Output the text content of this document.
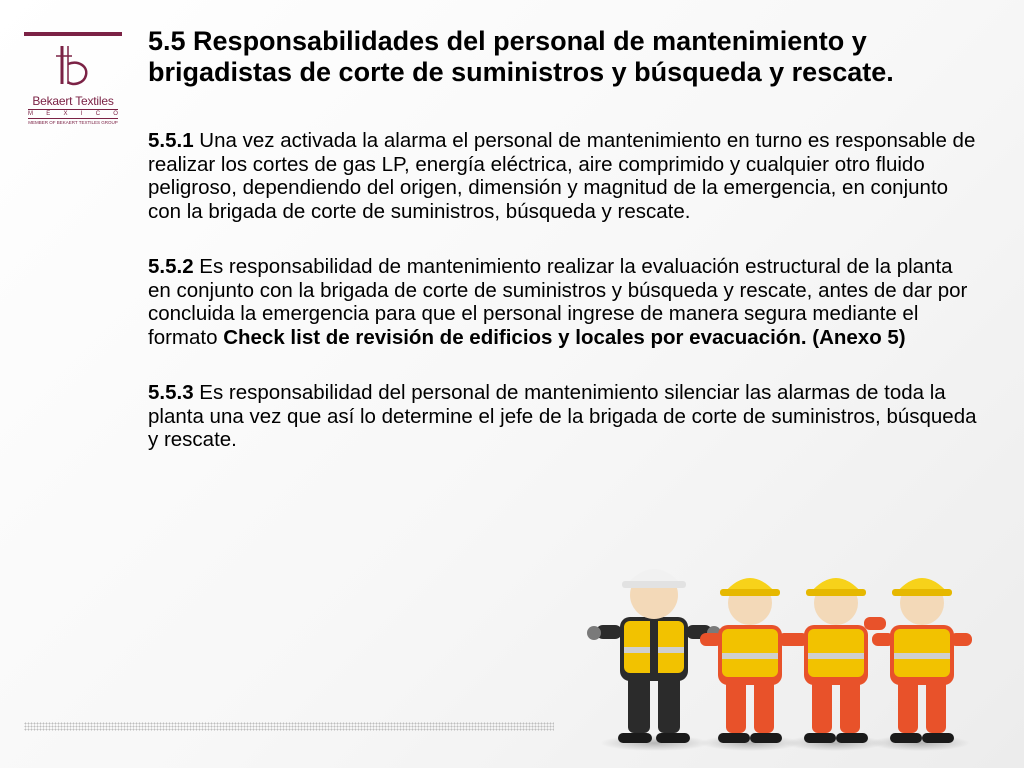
Bekaert Textiles
M E X I C O
MEMBER OF BEKAERT TEXTILES GROUP
5.5 Responsabilidades del personal de mantenimiento y brigadistas de corte de suministros y búsqueda y rescate.

5.5.1 Una vez activada la alarma el personal de mantenimiento en turno es responsable de realizar los cortes de gas LP, energía eléctrica, aire comprimido y cualquier otro fluido peligroso, dependiendo del origen, dimensión y magnitud de la emergencia, en conjunto con la brigada de corte de suministros, búsqueda y rescate.

5.5.2 Es responsabilidad de mantenimiento realizar la evaluación estructural de la planta en conjunto con la brigada de corte de suministros y búsqueda y rescate, antes de dar por concluida la emergencia para que el personal ingrese de manera segura mediante el formato Check list de revisión de edificios y locales por evacuación. (Anexo 5)

5.5.3 Es responsabilidad del personal de mantenimiento silenciar las alarmas de toda la planta una vez que así lo determine el jefe de la brigada de corte de suministros, búsqueda y rescate.
